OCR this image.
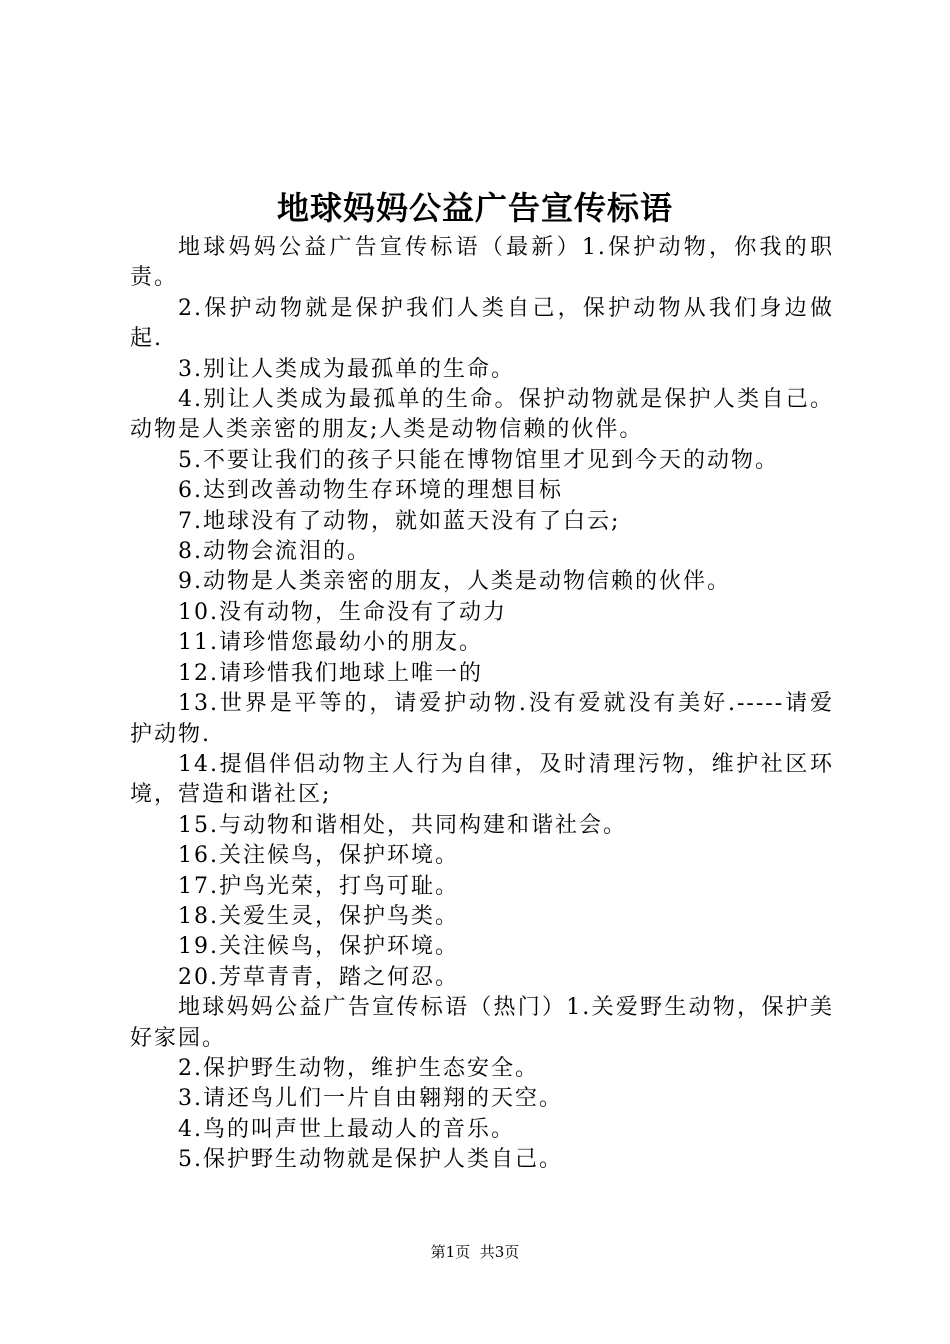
地球妈妈公益广告宣传标语

地球妈妈公益广告宣传标语（最新）1.保护动物，你我的职责。

2.保护动物就是保护我们人类自己，保护动物从我们身边做起.

3.别让人类成为最孤单的生命。

4.别让人类成为最孤单的生命。保护动物就是保护人类自己。动物是人类亲密的朋友;人类是动物信赖的伙伴。

5.不要让我们的孩子只能在博物馆里才见到今天的动物。

6.达到改善动物生存环境的理想目标

7.地球没有了动物，就如蓝天没有了白云;

8.动物会流泪的。

9.动物是人类亲密的朋友，人类是动物信赖的伙伴。

10.没有动物，生命没有了动力

11.请珍惜您最幼小的朋友。

12.请珍惜我们地球上唯一的

13.世界是平等的，请爱护动物.没有爱就没有美好.-----请爱护动物.

14.提倡伴侣动物主人行为自律，及时清理污物，维护社区环境，营造和谐社区;

15.与动物和谐相处，共同构建和谐社会。

16.关注候鸟，保护环境。

17.护鸟光荣，打鸟可耻。

18.关爱生灵，保护鸟类。

19.关注候鸟，保护环境。

20.芳草青青，踏之何忍。

地球妈妈公益广告宣传标语（热门）1.关爱野生动物，保护美好家园。

2.保护野生动物，维护生态安全。

3.请还鸟儿们一片自由翱翔的天空。

4.鸟的叫声世上最动人的音乐。

5.保护野生动物就是保护人类自己。

第1页 共3页
